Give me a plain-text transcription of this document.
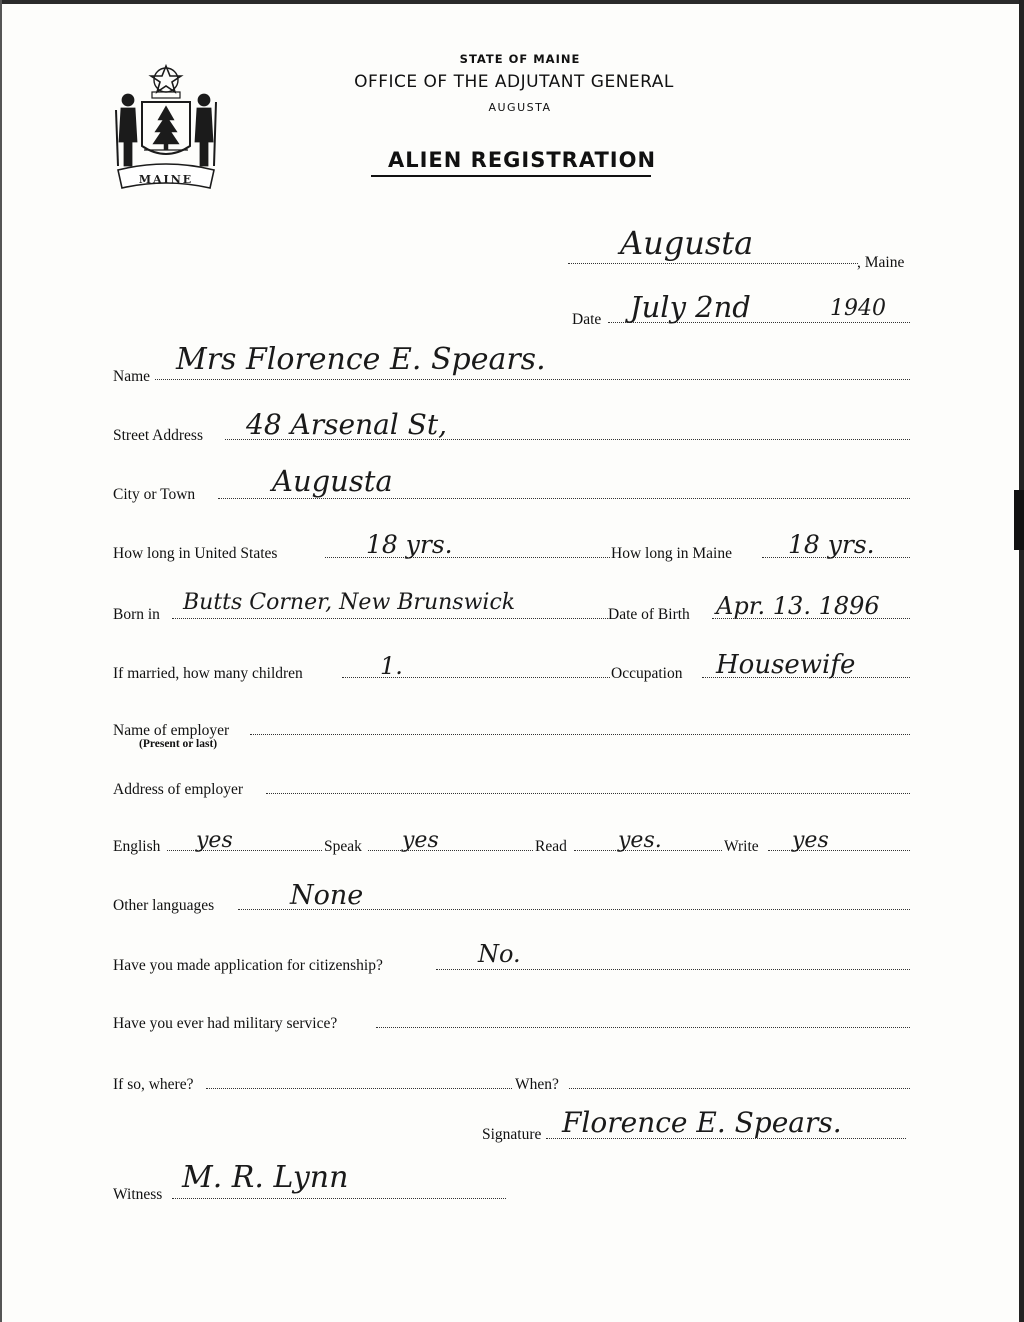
MAINE
STATE OF MAINE
OFFICE OF THE ADJUTANT GENERAL
AUGUSTA
ALIEN REGISTRATION
Augusta
, Maine
Date July 2nd	1940
Name Mrs Florence E. Spears.
Street Address 48 Arsenal St,
City or Town	Augusta
How long in United States	18 yrs.	How long in Maine 18 yrs.
Born in Butts Corner, New Brunswick	Date of Birth Apr. 13. 1896
If married, how many children	1.	Occupation Housewife
Name of employer
(Present or last)
Address of employer
English yes	Speak yes	Read yes.	Write yes
Other languages	None
Have you made application for citizenship?	No.
Have you ever had military service?
If so, where?	When?
Signature Florence E. Spears.
Witness M. R. Lynn
